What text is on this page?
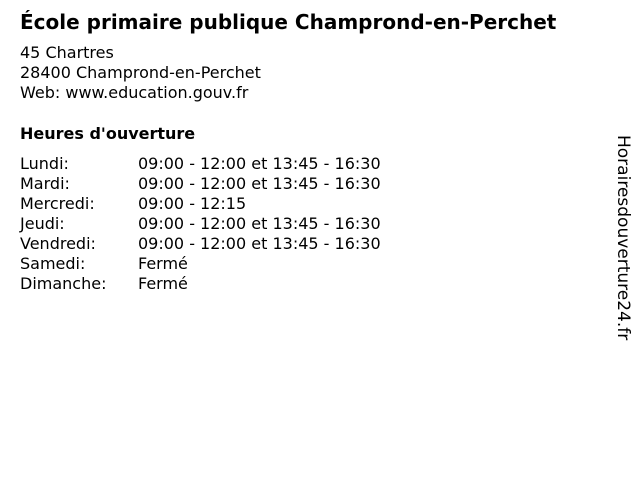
École primaire publique Champrond-en-Perchet
45 Chartres
28400 Champrond-en-Perchet
Web: www.education.gouv.fr
Heures d'ouverture
Lundi:	09:00 - 12:00 et 13:45 - 16:30
Mardi:	09:00 - 12:00 et 13:45 - 16:30
Mercredi:	09:00 - 12:15
Jeudi:	09:00 - 12:00 et 13:45 - 16:30
Vendredi:	09:00 - 12:00 et 13:45 - 16:30
Samedi:	Fermé
Dimanche: Fermé	Horairesdouverture24.fr
